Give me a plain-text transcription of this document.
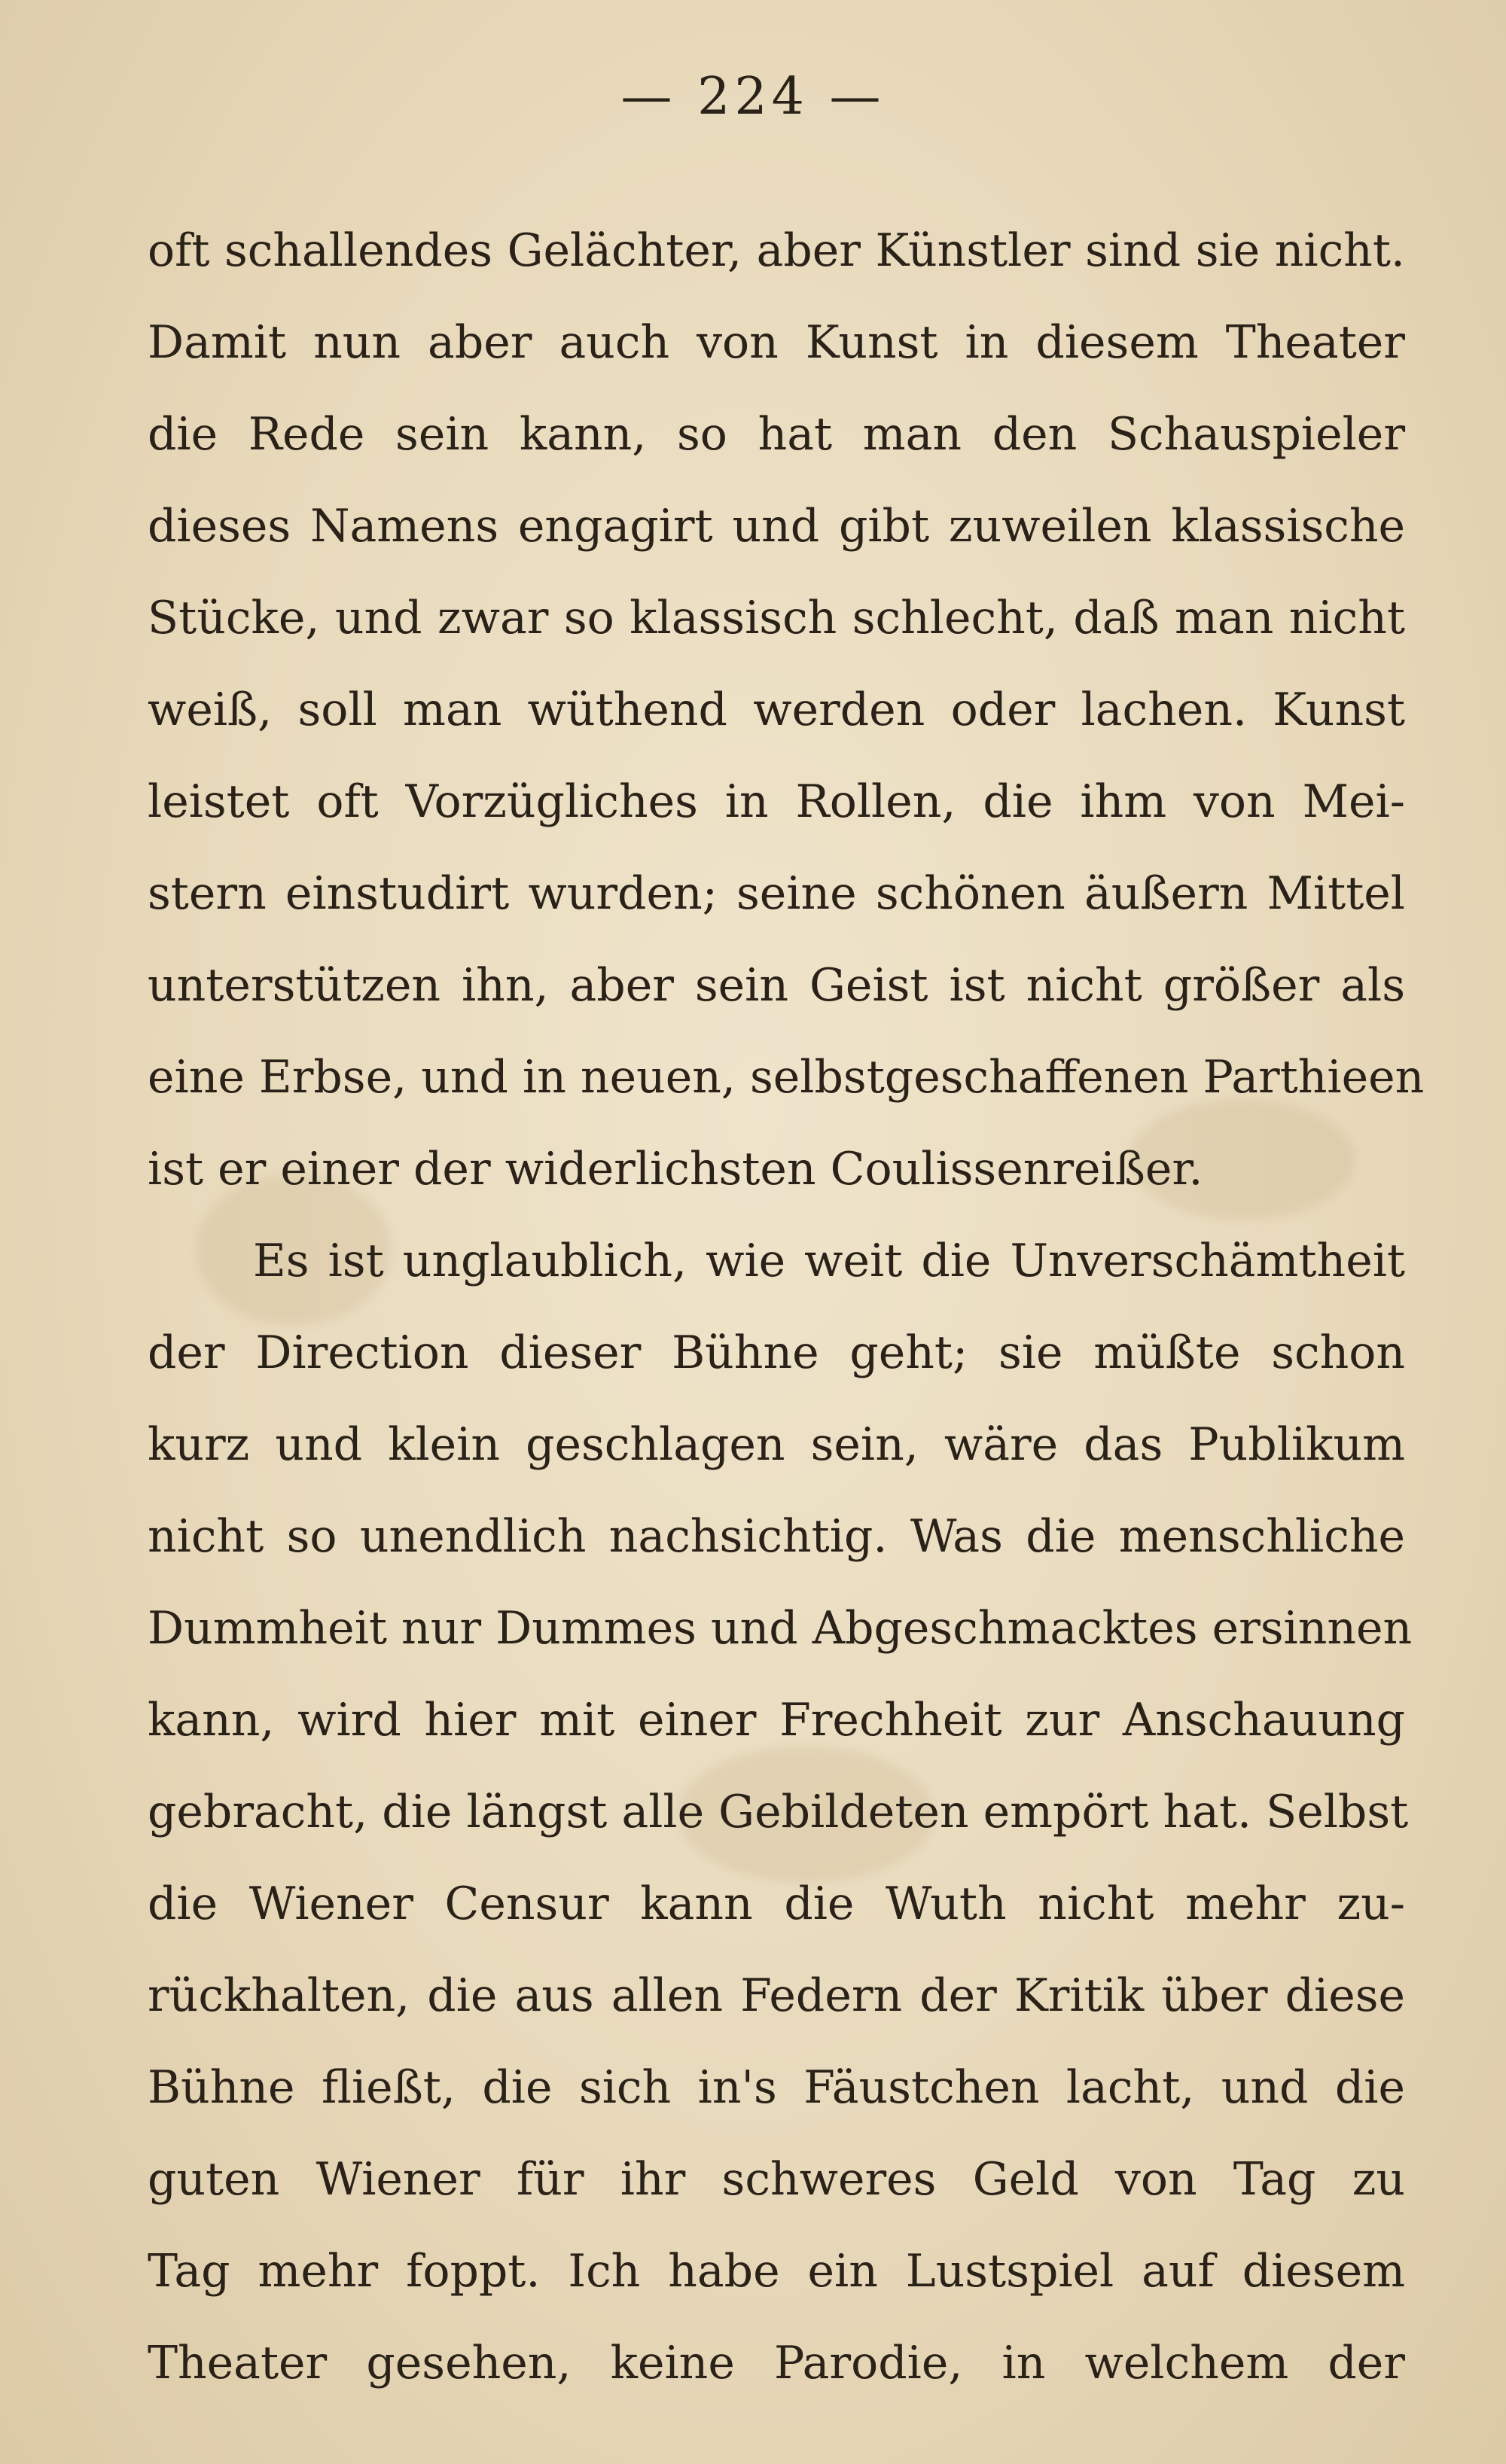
— 224 —
oft schallendes Gelächter, aber Künstler sind sie nicht.
Damit nun aber auch von Kunst in diesem Theater
die Rede sein kann, so hat man den Schauspieler
dieses Namens engagirt und gibt zuweilen klassische
Stücke, und zwar so klassisch schlecht, daß man nicht
weiß, soll man wüthend werden oder lachen. Kunst
leistet oft Vorzügliches in Rollen, die ihm von Mei-
stern einstudirt wurden; seine schönen äußern Mittel
unterstützen ihn, aber sein Geist ist nicht größer als
eine Erbse, und in neuen, selbstgeschaffenen Parthieen
ist er einer der widerlichsten Coulissenreißer.
Es ist unglaublich, wie weit die Unverschämtheit
der Direction dieser Bühne geht; sie müßte schon
kurz und klein geschlagen sein, wäre das Publikum
nicht so unendlich nachsichtig. Was die menschliche
Dummheit nur Dummes und Abgeschmacktes ersinnen
kann, wird hier mit einer Frechheit zur Anschauung
gebracht, die längst alle Gebildeten empört hat. Selbst
die Wiener Censur kann die Wuth nicht mehr zu-
rückhalten, die aus allen Federn der Kritik über diese
Bühne fließt, die sich in's Fäustchen lacht, und die
guten Wiener für ihr schweres Geld von Tag zu
Tag mehr foppt. Ich habe ein Lustspiel auf diesem
Theater gesehen, keine Parodie, in welchem der
